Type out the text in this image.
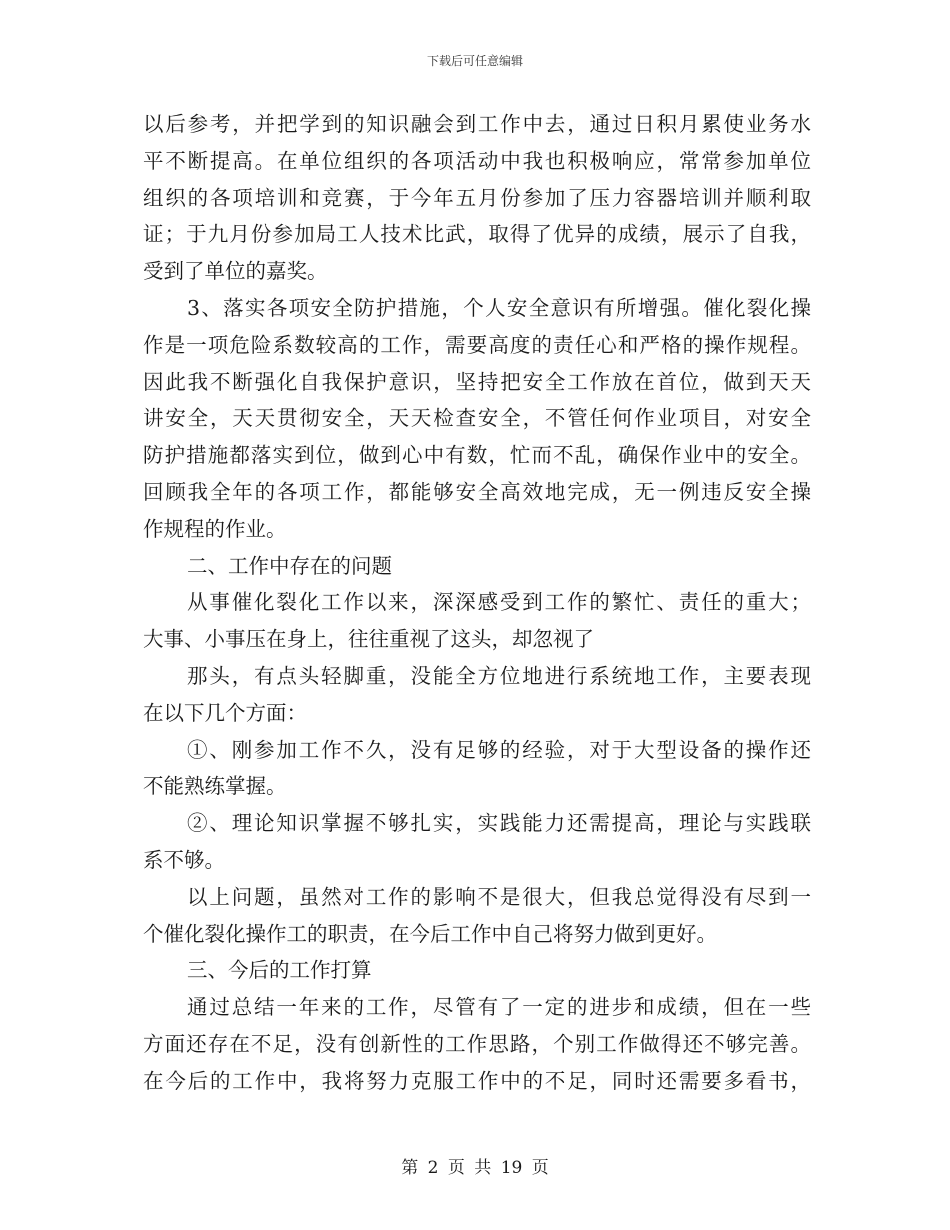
下载后可任意编辑
以后参考，并把学到的知识融会到工作中去，通过日积月累使业务水
平不断提高。在单位组织的各项活动中我也积极响应，常常参加单位
组织的各项培训和竞赛，于今年五月份参加了压力容器培训并顺利取
证；于九月份参加局工人技术比武，取得了优异的成绩，展示了自我，
受到了单位的嘉奖。
3、落实各项安全防护措施，个人安全意识有所增强。催化裂化操
作是一项危险系数较高的工作，需要高度的责任心和严格的操作规程。
因此我不断强化自我保护意识，坚持把安全工作放在首位，做到天天
讲安全，天天贯彻安全，天天检查安全，不管任何作业项目，对安全
防护措施都落实到位，做到心中有数，忙而不乱，确保作业中的安全。
回顾我全年的各项工作，都能够安全高效地完成，无一例违反安全操
作规程的作业。
二、工作中存在的问题
从事催化裂化工作以来，深深感受到工作的繁忙、责任的重大；
大事、小事压在身上，往往重视了这头，却忽视了
那头，有点头轻脚重，没能全方位地进行系统地工作，主要表现
在以下几个方面：
①、刚参加工作不久，没有足够的经验，对于大型设备的操作还
不能熟练掌握。
②、理论知识掌握不够扎实，实践能力还需提高，理论与实践联
系不够。
以上问题，虽然对工作的影响不是很大，但我总觉得没有尽到一
个催化裂化操作工的职责，在今后工作中自己将努力做到更好。
三、今后的工作打算
通过总结一年来的工作，尽管有了一定的进步和成绩，但在一些
方面还存在不足，没有创新性的工作思路，个别工作做得还不够完善。
在今后的工作中，我将努力克服工作中的不足，同时还需要多看书，
第 2 页 共 19 页
